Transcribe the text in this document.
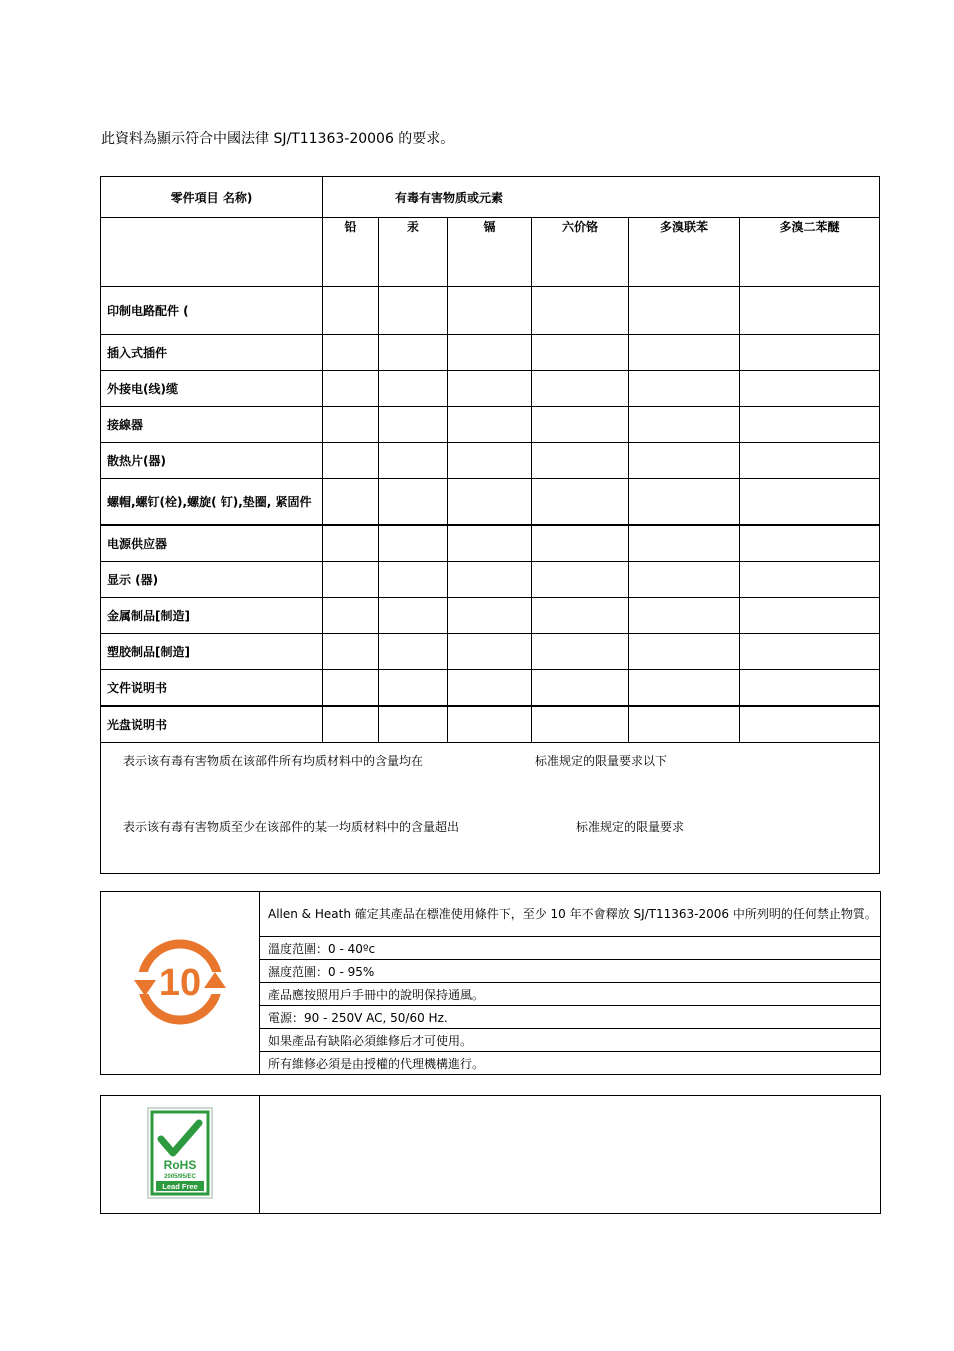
此資料為顯示符合中國法律 SJ/T11363-20006 的要求。
零件項目 名称)	有毒有害物质或元素					
	铅	汞	镉	六价铬	多溴联苯	多溴二苯醚
印制电路配件 (						
插入式插件						
外接电(线)缆						
接線器						
散热片(器)						
螺帽,螺钉(栓),螺旋( 钉),垫圈, 紧固件						
电源供应器						
显示 (器)						
金属制品[制造]						
塑胶制品[制造]						
文件说明书						
光盘说明书						

表示该有毒有害物质在该部件所有均质材料中的含量均在 标准规定的限量要求以下
表示该有毒有害物质至少在该部件的某一均质材料中的含量超出 标准规定的限量要求						
10
	Allen & Heath 確定其產品在標准使用條件下，至少 10 年不會釋放 SJ/T11363-2006 中所列明的任何禁止物質。
溫度范圍：0 - 40ºc
濕度范圍：0 - 95%
產品應按照用戶手冊中的說明保持通風。
電源：90 - 250V AC, 50/60 Hz.
如果產品有缺陷必須維修后才可使用。
所有維修必須是由授權的代理機構進行。
RoHS
2005/95/EC
Lead Free
